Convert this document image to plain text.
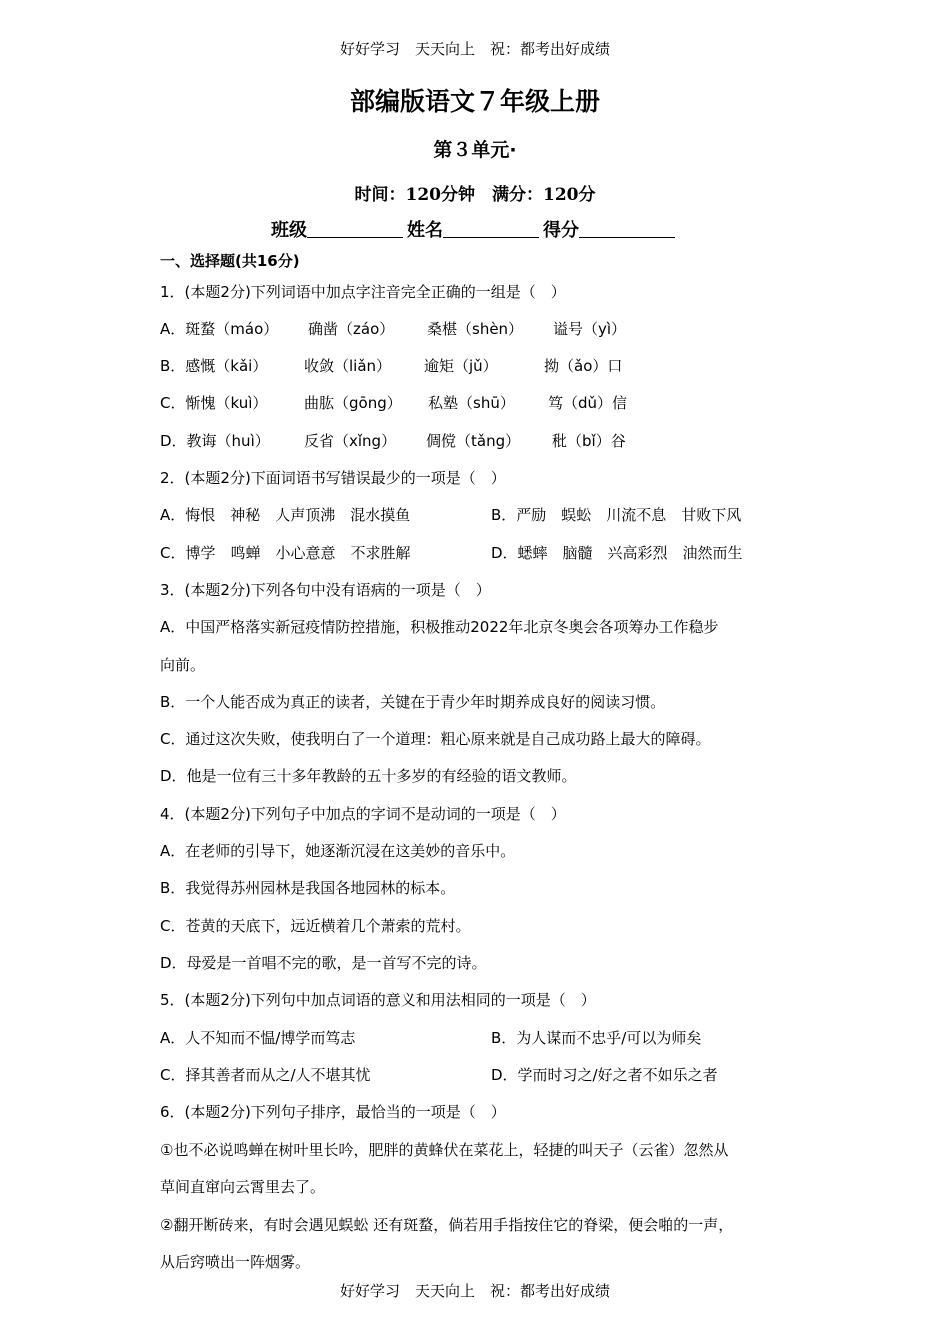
好好学习　天天向上　祝：都考出好成绩
部编版语文７年级上册
第３单元·
时间：120分钟　满分：120分
班级	姓名	得分
一、选择题(共16分)
1．(本题2分)下列词语中加点字注音完全正确的一组是（　）
A．斑蝥（máo） 确凿（záo） 桑椹（shèn） 谥号（yì）
B．感慨（kǎi） 收敛（liǎn） 逾矩（jǔ）	拗（ǎo）口
C．惭愧（kuì） 曲肱（gōng） 私塾（shū） 笃（dǔ）信
D．教诲（huì） 反省（xǐng） 倜傥（tǎng） 秕（bǐ）谷
2．(本题2分)下面词语书写错误最少的一项是（　）
A．悔恨　神秘　人声顶沸　混水摸鱼	B．严励　蜈蚣　川流不息　甘败下风
C．博学　鸣蝉　小心意意　不求胜解	D．蟋蟀　脑髓　兴高彩烈　油然而生
3．(本题2分)下列各句中没有语病的一项是（　）
A．中国严格落实新冠疫情防控措施，积极推动2022年北京冬奥会各项筹办工作稳步
向前。
B．一个人能否成为真正的读者，关键在于青少年时期养成良好的阅读习惯。
C．通过这次失败，使我明白了一个道理：粗心原来就是自己成功路上最大的障碍。
D．他是一位有三十多年教龄的五十多岁的有经验的语文教师。
4．(本题2分)下列句子中加点的字词不是动词的一项是（　）
A．在老师的引导下，她逐渐沉浸在这美妙的音乐中。
B．我觉得苏州园林是我国各地园林的标本。
C．苍黄的天底下，远近横着几个萧索的荒村。
D．母爱是一首唱不完的歌，是一首写不完的诗。
5．(本题2分)下列句中加点词语的意义和用法相同的一项是（　）
A．人不知而不愠/博学而笃志	B．为人谋而不忠乎/可以为师矣
C．择其善者而从之/人不堪其忧	D．学而时习之/好之者不如乐之者
6．(本题2分)下列句子排序，最恰当的一项是（　）
①也不必说鸣蝉在树叶里长吟，肥胖的黄蜂伏在菜花上，轻捷的叫天子（云雀）忽然从
草间直窜向云霄里去了。
②翻开断砖来，有时会遇见蜈蚣 还有斑蝥，倘若用手指按住它的脊梁，便会啪的一声，
从后窍喷出一阵烟雾。
好好学习　天天向上　祝：都考出好成绩
